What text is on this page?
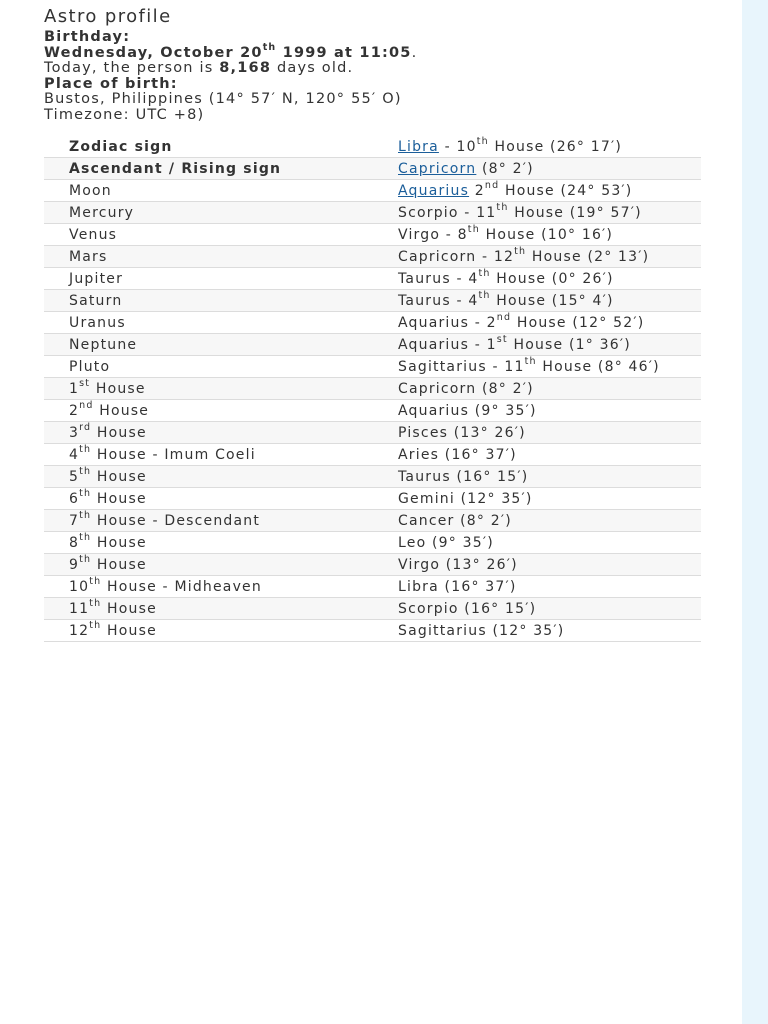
Astro profile
Birthday:
Wednesday, October 20th 1999 at 11:05.
Today, the person is 8,168 days old.
Place of birth:
Bustos, Philippines (14° 57′ N, 120° 55′ O)
Timezone: UTC +8)
Zodiac sign	Libra - 10th House (26° 17′)
Ascendant / Rising sign	Capricorn (8° 2′)
Moon	Aquarius 2nd House (24° 53′)
Mercury	Scorpio - 11th House (19° 57′)
Venus	Virgo - 8th House (10° 16′)
Mars	Capricorn - 12th House (2° 13′)
Jupiter	Taurus - 4th House (0° 26′)
Saturn	Taurus - 4th House (15° 4′)
Uranus	Aquarius - 2nd House (12° 52′)
Neptune	Aquarius - 1st House (1° 36′)
Pluto	Sagittarius - 11th House (8° 46′)
1st House	Capricorn (8° 2′)
2nd House	Aquarius (9° 35′)
3rd House	Pisces (13° 26′)
4th House - Imum Coeli	Aries (16° 37′)
5th House	Taurus (16° 15′)
6th House	Gemini (12° 35′)
7th House - Descendant	Cancer (8° 2′)
8th House	Leo (9° 35′)
9th House	Virgo (13° 26′)
10th House - Midheaven	Libra (16° 37′)
11th House	Scorpio (16° 15′)
12th House	Sagittarius (12° 35′)
